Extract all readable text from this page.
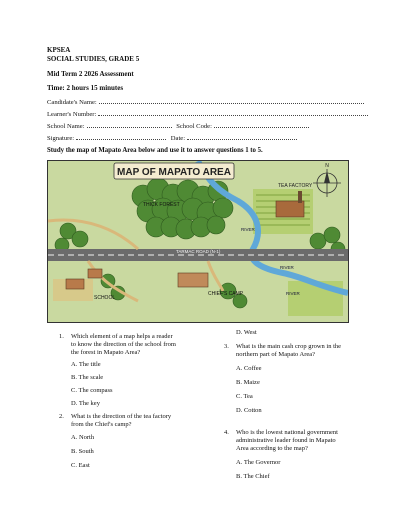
KPSEA
SOCIAL STUDIES, GRADE 5
Mid Term 2 2026 Assessment
Time: 2 hours 15 minutes
Candidate's Name:
Learner's Number:
School Name:	School Code:
Signature:	Date:
Study the map of Mapato Area below and use it to answer questions 1 to 5.
MAP OF MAPATO AREA
N
TEA FACTORY
THICK FOREST
RIVER
TARMAC ROAD (N-1)
RIVER
SCHOOL
CHIEF'S CAMP	RIVER
1. Which element of a map helps a reader
to know the direction of the school from
the forest in Mapato Area?
A. The title
B. The scale
C. The compass
D. The key
2. What is the direction of the tea factory
from the Chief's camp?
A. North
B. South
C. East
D. West
3. What is the main cash crop grown in the
northern part of Mapato Area?
A. Coffee
B. Maize
C. Tea
D. Cotton
4. Who is the lowest national government
administrative leader found in Mapato
Area according to the map?
A. The Governor
B. The Chief
